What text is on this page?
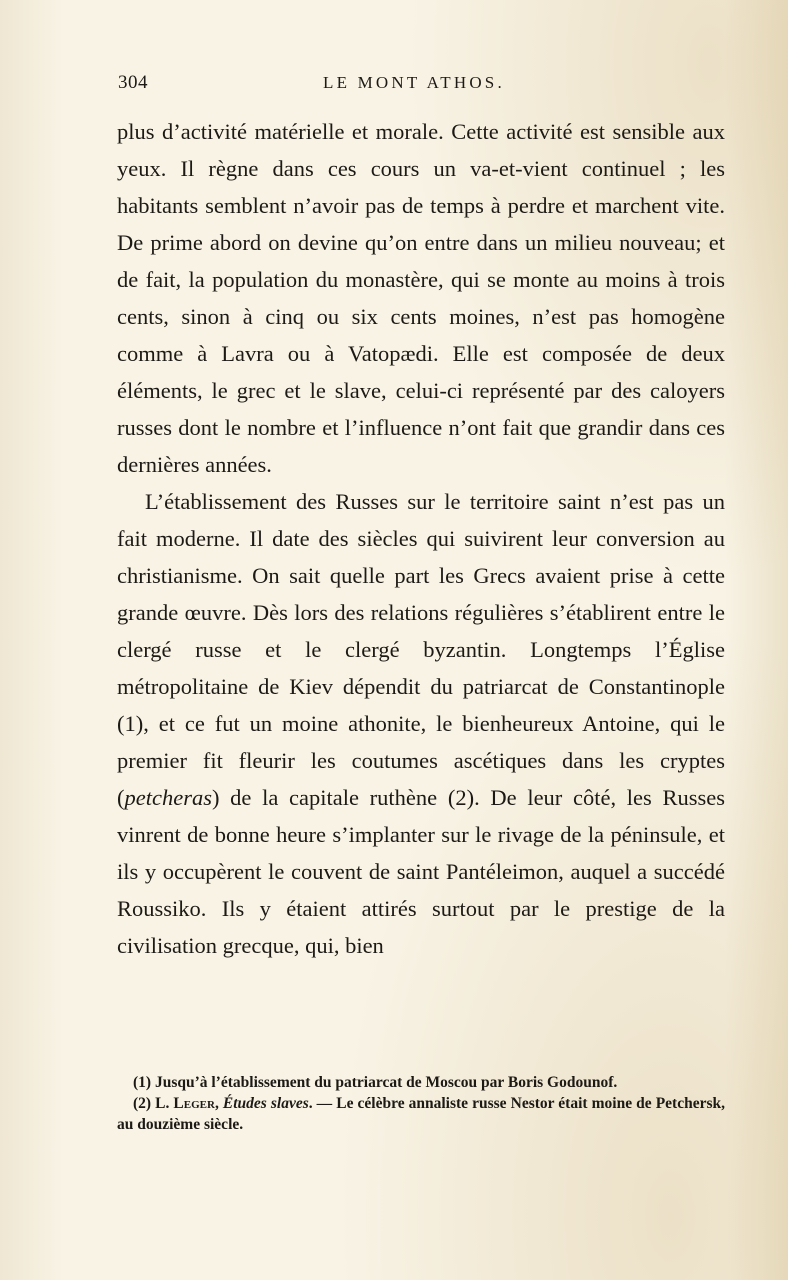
304	LE MONT ATHOS.

plus d’activité matérielle et morale. Cette activité est sensible aux yeux. Il règne dans ces cours un va-et-vient continuel ; les habitants semblent n’avoir pas de temps à perdre et marchent vite. De prime abord on devine qu’on entre dans un milieu nouveau; et de fait, la population du monastère, qui se monte au moins à trois cents, sinon à cinq ou six cents moines, n’est pas homogène comme à Lavra ou à Vatopædi. Elle est composée de deux éléments, le grec et le slave, celui-ci représenté par des caloyers russes dont le nombre et l’influence n’ont fait que grandir dans ces dernières années.

L’établissement des Russes sur le territoire saint n’est pas un fait moderne. Il date des siècles qui suivirent leur conversion au christianisme. On sait quelle part les Grecs avaient prise à cette grande œuvre. Dès lors des relations régulières s’établirent entre le clergé russe et le clergé byzantin. Longtemps l’Église métropolitaine de Kiev dépendit du patriarcat de Constantinople (1), et ce fut un moine athonite, le bienheureux Antoine, qui le premier fit fleurir les coutumes ascétiques dans les cryptes (petcheras) de la capitale ruthène (2). De leur côté, les Russes vinrent de bonne heure s’implanter sur le rivage de la péninsule, et ils y occupèrent le couvent de saint Pantéleimon, auquel a succédé Roussiko. Ils y étaient attirés surtout par le prestige de la civilisation grecque, qui, bien

(1) Jusqu’à l’établissement du patriarcat de Moscou par Boris Godounof.

(2) L. Leger, Études slaves. — Le célèbre annaliste russe Nestor était moine de Petchersk, au douzième siècle.
